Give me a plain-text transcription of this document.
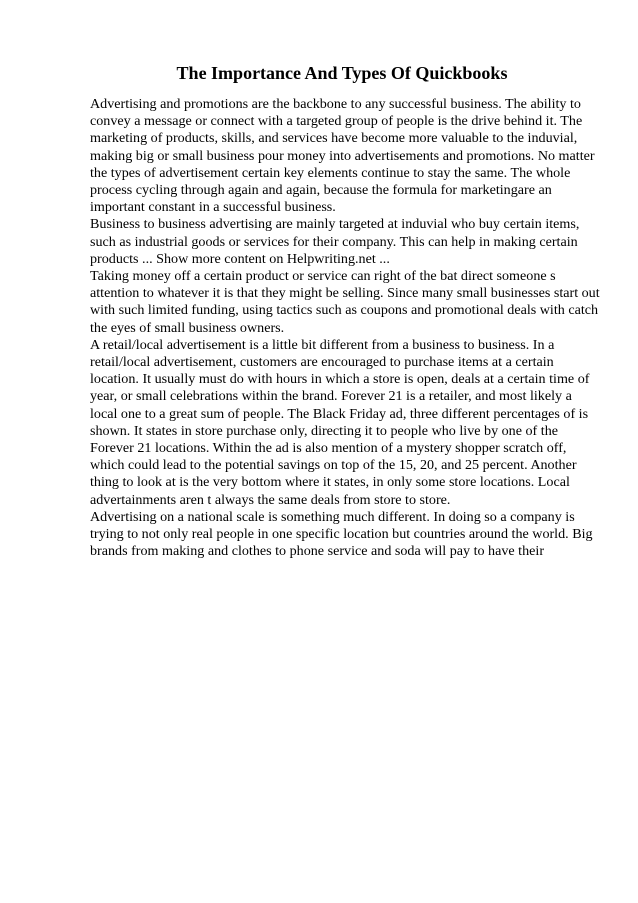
The Importance And Types Of Quickbooks

Advertising and promotions are the backbone to any successful business. The ability to convey a message or connect with a targeted group of people is the drive behind it. The marketing of products, skills, and services have become more valuable to the induvial, making big or small business pour money into advertisements and promotions. No matter the types of advertisement certain key elements continue to stay the same. The whole process cycling through again and again, because the formula for marketingare an important constant in a successful business.

Business to business advertising are mainly targeted at induvial who buy certain items, such as industrial goods or services for their company. This can help in making certain products ... Show more content on Helpwriting.net ...

Taking money off a certain product or service can right of the bat direct someone s attention to whatever it is that they might be selling. Since many small businesses start out with such limited funding, using tactics such as coupons and promotional deals with catch the eyes of small business owners.

A retail/local advertisement is a little bit different from a business to business. In a retail/local advertisement, customers are encouraged to purchase items at a certain location. It usually must do with hours in which a store is open, deals at a certain time of year, or small celebrations within the brand. Forever 21 is a retailer, and most likely a local one to a great sum of people. The Black Friday ad, three different percentages of is shown. It states in store purchase only, directing it to people who live by one of the Forever 21 locations. Within the ad is also mention of a mystery shopper scratch off, which could lead to the potential savings on top of the 15, 20, and 25 percent. Another thing to look at is the very bottom where it states, in only some store locations. Local advertainments aren t always the same deals from store to store.

Advertising on a national scale is something much different. In doing so a company is trying to not only real people in one specific location but countries around the world. Big brands from making and clothes to phone service and soda will pay to have their
